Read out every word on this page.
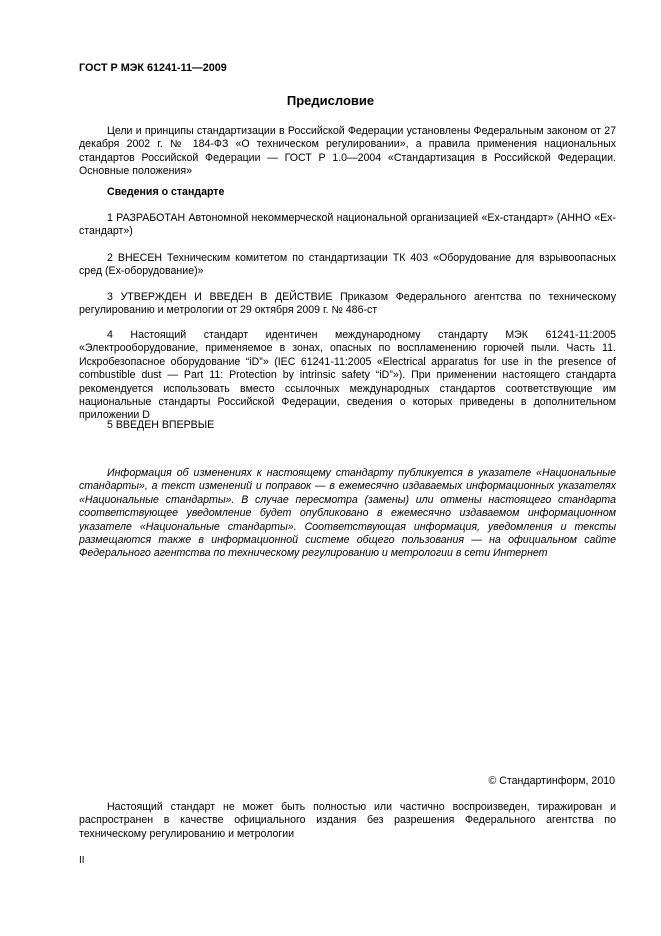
ГОСТ Р МЭК 61241-11—2009
Предисловие

Цели и принципы стандартизации в Российской Федерации установлены Федеральным законом от 27 декабря 2002 г. № 184-ФЗ «О техническом регулировании», а правила применения национальных стандартов Российской Федерации — ГОСТ Р 1.0—2004 «Стандартизация в Российской Федерации. Основные положения»

Сведения о стандарте

1 РАЗРАБОТАН Автономной некоммерческой национальной организацией «Ех-стандарт» (АННО «Ех-стандарт»)

2 ВНЕСЕН Техническим комитетом по стандартизации ТК 403 «Оборудование для взрывоопасных сред (Ех-оборудование)»

3 УТВЕРЖДЕН И ВВЕДЕН В ДЕЙСТВИЕ Приказом Федерального агентства по техническому регулированию и метрологии от 29 октября 2009 г. № 486-ст

4 Настоящий стандарт идентичен международному стандарту МЭК 61241-11:2005 «Электрооборудование, применяемое в зонах, опасных по воспламенению горючей пыли. Часть 11. Искробезопасное оборудование “iD”» (IEC 61241-11:2005 «Electrical apparatus for use in the presence of combustible dust — Part 11: Protection by intrinsic safety “iD”»). При применении настоящего стандарта рекомендуется использовать вместо ссылочных международных стандартов соответствующие им национальные стандарты Российской Федерации, сведения о которых приведены в дополнительном приложении D

5 ВВЕДЕН ВПЕРВЫЕ

Информация об изменениях к настоящему стандарту публикуется в указателе «Национальные стандарты», а текст изменений и поправок — в ежемесячно издаваемых информационных указателях «Национальные стандарты». В случае пересмотра (замены) или отмены настоящего стандарта соответствующее уведомление будет опубликовано в ежемесячно издаваемом информационном указателе «Национальные стандарты». Соответствующая информация, уведомления и тексты размещаются также в информационной системе общего пользования — на официальном сайте Федерального агентства по техническому регулированию и метрологии в сети Интернет

© Стандартинформ, 2010

Настоящий стандарт не может быть полностью или частично воспроизведен, тиражирован и распространен в качестве официального издания без разрешения Федерального агентства по техническому регулированию и метрологии

II
